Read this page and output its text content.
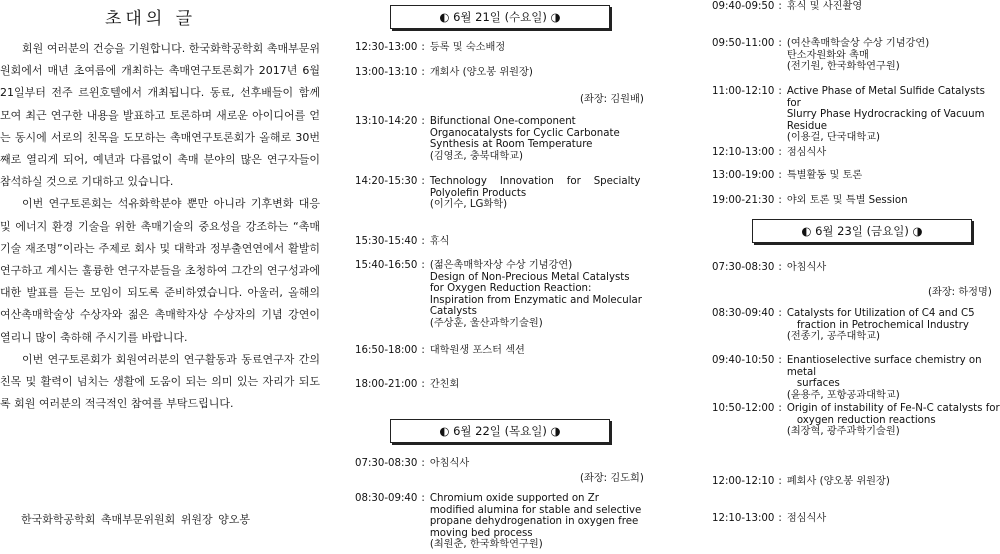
초대의 글

회원 여러분의 건승을 기원합니다. 한국화학공학회 촉매부문위원회에서 매년 초여름에 개최하는 촉매연구토론회가 2017년 6월 21일부터 전주 르윈호텔에서 개최됩니다. 동료, 선후배들이 함께 모여 최근 연구한 내용을 발표하고 토론하며 새로운 아이디어를 얻는 동시에 서로의 친목을 도모하는 촉매연구토론회가 올해로 30번째로 열리게 되어, 예년과 다름없이 촉매 분야의 많은 연구자들이 참석하실 것으로 기대하고 있습니다.

이번 연구토론회는 석유화학분야 뿐만 아니라 기후변화 대응 및 에너지 환경 기술을 위한 촉매기술의 중요성을 강조하는 “촉매기술 재조명”이라는 주제로 회사 및 대학과 정부출연연에서 활발히 연구하고 계시는 훌륭한 연구자분들을 초청하여 그간의 연구성과에 대한 발표를 듣는 모임이 되도록 준비하였습니다. 아울러, 올해의 여산촉매학술상 수상자와 젊은 촉매학자상 수상자의 기념 강연이 열리니 많이 축하해 주시기를 바랍니다.

이번 연구토론회가 회원여러분의 연구활동과 동료연구자 간의 친목 및 활력이 넘치는 생활에 도움이 되는 의미 있는 자리가 되도록 회원 여러분의 적극적인 참여를 부탁드립니다.

한국화학공학회 촉매부문위원회 위원장 양오봉
◐ 6월 21일 (수요일) ◑
12:30-13:00 : 등록 및 숙소배정
13:00-13:10 : 개회사 (양오봉 위원장)
(좌장: 김원배)
13:10-14:20 : Bifunctional One-component
Organocatalysts for Cyclic Carbonate
Synthesis at Room Temperature
(김영조, 충북대학교)
14:20-15:30 : Technology    Innovation    for    Specialty
Polyolefin Products
(이기수, LG화학)
15:30-15:40 : 휴식
15:40-16:50 : (젊은촉매학자상 수상 기념강연)
Design of Non-Precious Metal Catalysts
for Oxygen Reduction Reaction:
Inspiration from Enzymatic and Molecular
Catalysts
(주상훈, 울산과학기술원)
16:50-18:00 : 대학원생 포스터 섹션
18:00-21:00 : 간친회
◐ 6월 22일 (목요일) ◑
07:30-08:30 : 아침식사
(좌장: 김도희)
08:30-09:40 : Chromium oxide supported on Zr
modified alumina for stable and selective
propane dehydrogenation in oxygen free
moving bed process
(최원춘, 한국화학연구원)
09:40-09:50 : 휴식 및 사진촬영
09:50-11:00 : (여산촉매학술상 수상 기념강연)
탄소자원화와 촉매
(전기원, 한국화학연구원)
11:00-12:10 : Active Phase of Metal Sulfide Catalysts for
Slurry Phase Hydrocracking of Vacuum
Residue
(이용걸, 단국대학교)
12:10-13:00 : 점심식사
13:00-19:00 : 특별활동 및 토론
19:00-21:30 : 야외 토론 및 특별 Session
◐ 6월 23일 (금요일) ◑
07:30-08:30 : 아침식사
(좌장: 하정명)
08:30-09:40 : Catalysts for Utilization of C4 and C5
fraction in Petrochemical Industry
(전종기, 공주대학교)
09:40-10:50 : Enantioselective surface chemistry on metal
surfaces
(윤용주, 포항공과대학교)
10:50-12:00 : Origin of instability of Fe-N-C catalysts for
oxygen reduction reactions
(최장혁, 광주과학기술원)
12:00-12:10 : 폐회사 (양오봉 위원장)
12:10-13:00 : 점심식사
